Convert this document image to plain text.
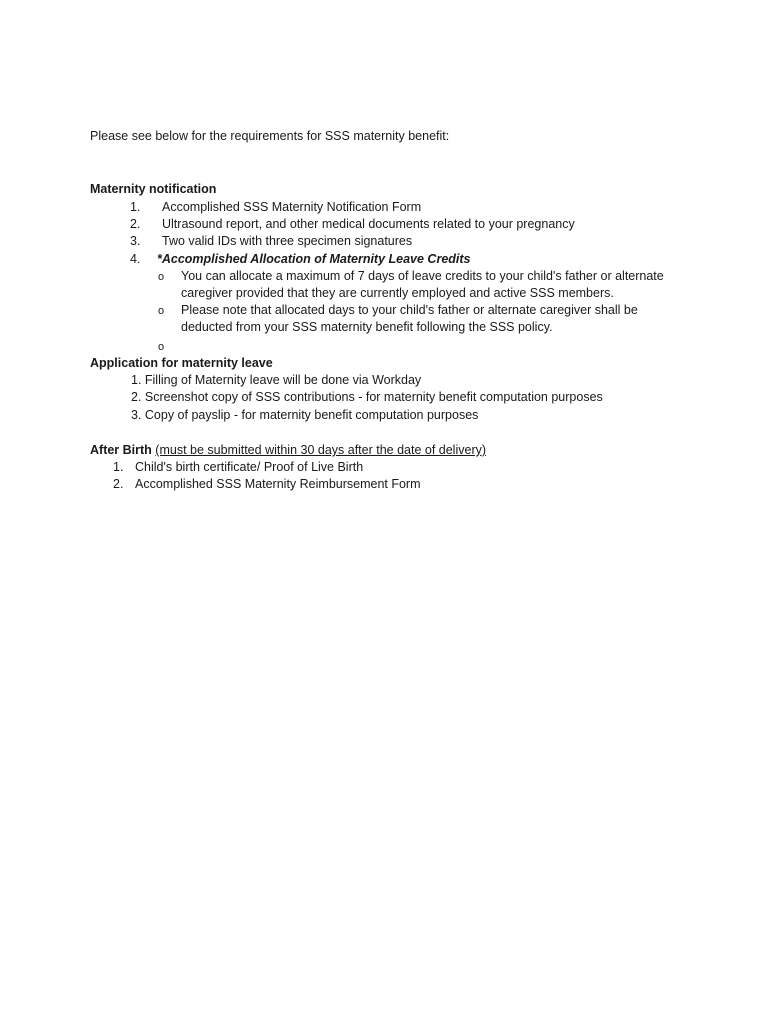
Please see below for the requirements for SSS maternity benefit:
Maternity notification
1. Accomplished SSS Maternity Notification Form
2. Ultrasound report, and other medical documents related to your pregnancy
3. Two valid IDs with three specimen signatures
4. *Accomplished Allocation of Maternity Leave Credits
o You can allocate a maximum of 7 days of leave credits to your child's father or alternate
caregiver provided that they are currently employed and active SSS members.
o Please note that allocated days to your child's father or alternate caregiver shall be
deducted from your SSS maternity benefit following the SSS policy.
o
Application for maternity leave
1. Filling of Maternity leave will be done via Workday
2. Screenshot copy of SSS contributions - for maternity benefit computation purposes
3. Copy of payslip - for maternity benefit computation purposes
After Birth (must be submitted within 30 days after the date of delivery)
1. Child's birth certificate/ Proof of Live Birth
2. Accomplished SSS Maternity Reimbursement Form
